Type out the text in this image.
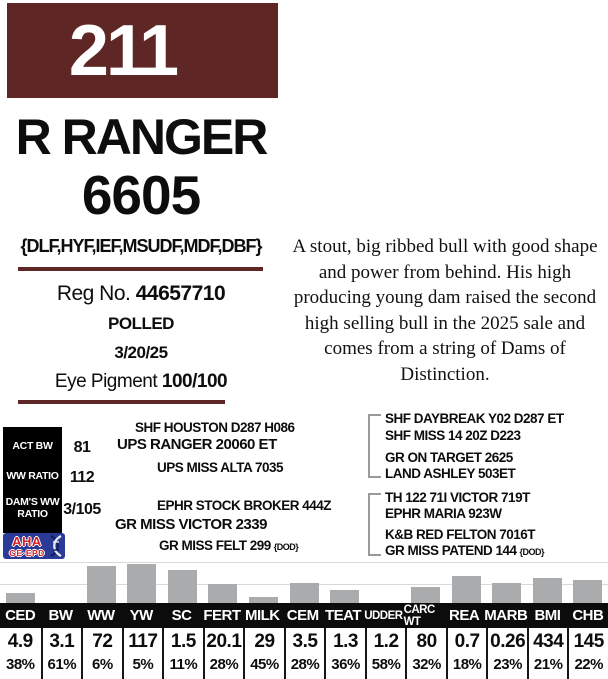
211
R RANGER
6605
{DLF,HYF,IEF,MSUDF,MDF,DBF}
Reg No. 44657710
POLLED
3/20/25
Eye Pigment 100/100
A stout, big ribbed bull with good shape and power from behind. His high producing young dam raised the second high selling bull in the 2025 sale and comes from a string of Dams of Distinction.
ACT BW	81
WW RATIO 112
DAM'S WW RATIO 3/105
AHA
GE·EPD
SHF HOUSTON D287 H086
UPS RANGER 20060 ET
UPS MISS ALTA 7035
EPHR STOCK BROKER 444Z
GR MISS VICTOR 2339
GR MISS FELT 299 {DOD}
SHF DAYBREAK Y02 D287 ET
SHF MISS 14 20Z D223
GR ON TARGET 2625
LAND ASHLEY 503ET
TH 122 71I VICTOR 719T
EPHR MARIA 923W
K&B RED FELTON 7016T
GR MISS PATEND 144 {DOD}
CED BW WW	YW	SC FERT MILK CEM TEAT UDDER CARC WT	REA MARB BMI CHB
4.9 3.1 72 117 1.5 20.1 29 3.5 1.3 1.2 80 0.7 0.26 434 145
38% 61%	6%	5%	11% 28% 45% 28% 36% 58% 32% 18% 23% 21% 22%
